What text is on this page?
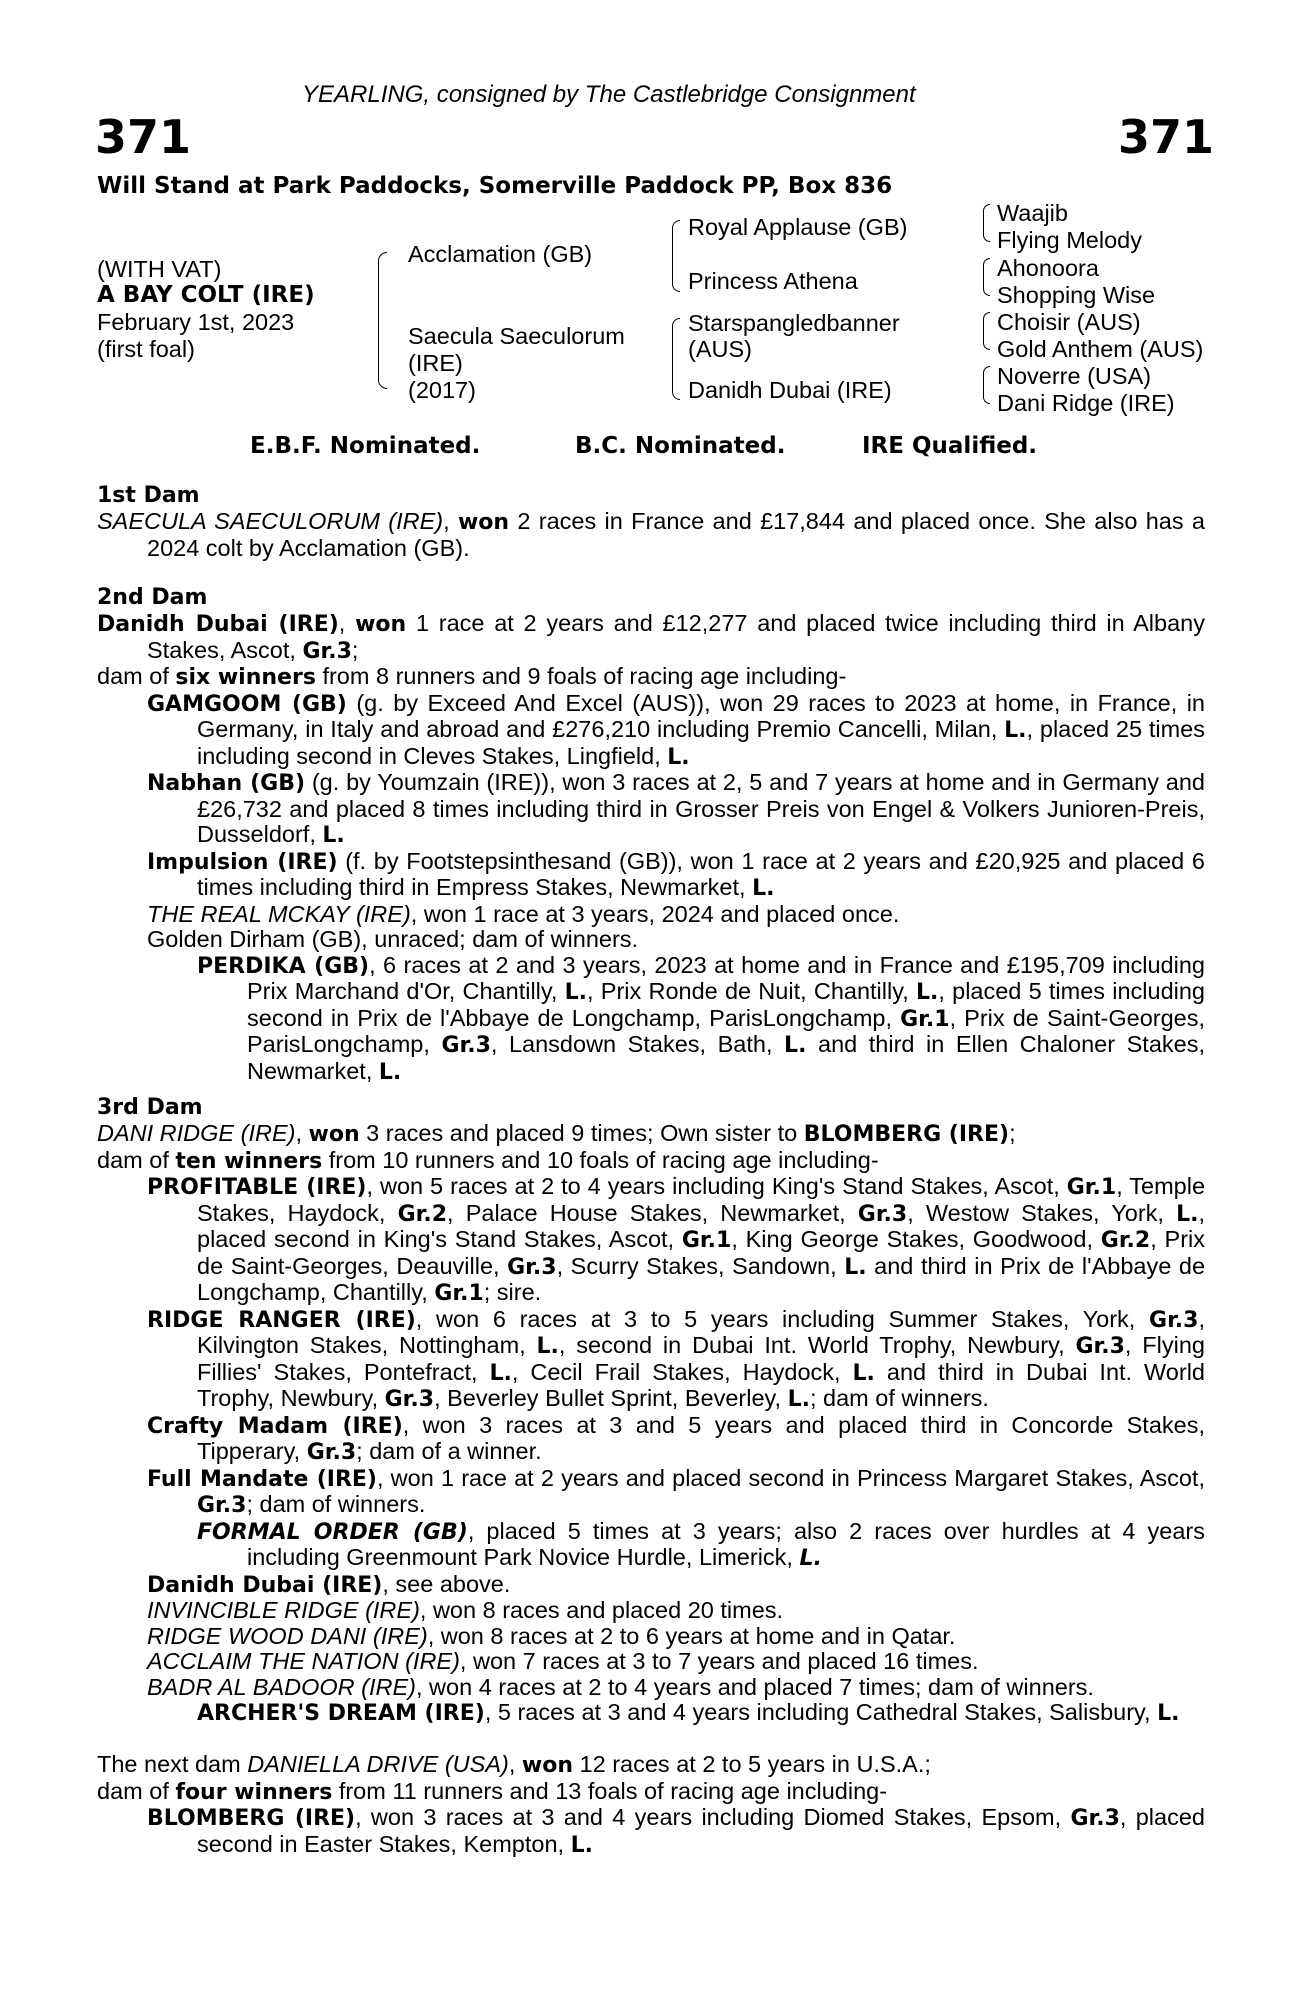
YEARLING, consigned by The Castlebridge Consignment
371	371
Will Stand at Park Paddocks, Somerville Paddock PP, Box 836
(WITH VAT)
A BAY COLT (IRE)
February 1st, 2023
(first foal)
Acclamation (GB)
Saecula Saeculorum
(IRE)
(2017)
Royal Applause (GB)
Princess Athena
Starspangledbanner
(AUS)
Danidh Dubai (IRE)
Waajib
Flying Melody
Ahonoora
Shopping Wise
Choisir (AUS)
Gold Anthem (AUS)
Noverre (USA)
Dani Ridge (IRE)
E.B.F. Nominated.	B.C. Nominated.	IRE Qualified.
1st Dam
SAECULA SAECULORUM (IRE), won 2 races in France and £17,844 and placed once. She also has a 2024 colt by Acclamation (GB).
2nd Dam
Danidh Dubai (IRE), won 1 race at 2 years and £12,277 and placed twice including third in Albany Stakes, Ascot, Gr.3;
dam of six winners from 8 runners and 9 foals of racing age including-
GAMGOOM (GB) (g. by Exceed And Excel (AUS)), won 29 races to 2023 at home, in France, in Germany, in Italy and abroad and £276,210 including Premio Cancelli, Milan, L., placed 25 times including second in Cleves Stakes, Lingfield, L.
Nabhan (GB) (g. by Youmzain (IRE)), won 3 races at 2, 5 and 7 years at home and in Germany and £26,732 and placed 8 times including third in Grosser Preis von Engel & Volkers Junioren-Preis, Dusseldorf, L.
Impulsion (IRE) (f. by Footstepsinthesand (GB)), won 1 race at 2 years and £20,925 and placed 6 times including third in Empress Stakes, Newmarket, L.
THE REAL MCKAY (IRE), won 1 race at 3 years, 2024 and placed once.
Golden Dirham (GB), unraced; dam of winners.
PERDIKA (GB), 6 races at 2 and 3 years, 2023 at home and in France and £195,709 including Prix Marchand d'Or, Chantilly, L., Prix Ronde de Nuit, Chantilly, L., placed 5 times including second in Prix de l'Abbaye de Longchamp, ParisLongchamp, Gr.1, Prix de Saint-Georges, ParisLongchamp, Gr.3, Lansdown Stakes, Bath, L. and third in Ellen Chaloner Stakes, Newmarket, L.
3rd Dam
DANI RIDGE (IRE), won 3 races and placed 9 times; Own sister to BLOMBERG (IRE);
dam of ten winners from 10 runners and 10 foals of racing age including-
PROFITABLE (IRE), won 5 races at 2 to 4 years including King's Stand Stakes, Ascot, Gr.1, Temple Stakes, Haydock, Gr.2, Palace House Stakes, Newmarket, Gr.3, Westow Stakes, York, L., placed second in King's Stand Stakes, Ascot, Gr.1, King George Stakes, Goodwood, Gr.2, Prix de Saint-Georges, Deauville, Gr.3, Scurry Stakes, Sandown, L. and third in Prix de l'Abbaye de Longchamp, Chantilly, Gr.1; sire.
RIDGE RANGER (IRE), won 6 races at 3 to 5 years including Summer Stakes, York, Gr.3, Kilvington Stakes, Nottingham, L., second in Dubai Int. World Trophy, Newbury, Gr.3, Flying Fillies' Stakes, Pontefract, L., Cecil Frail Stakes, Haydock, L. and third in Dubai Int. World Trophy, Newbury, Gr.3, Beverley Bullet Sprint, Beverley, L.; dam of winners.
Crafty Madam (IRE), won 3 races at 3 and 5 years and placed third in Concorde Stakes, Tipperary, Gr.3; dam of a winner.
Full Mandate (IRE), won 1 race at 2 years and placed second in Princess Margaret Stakes, Ascot, Gr.3; dam of winners.
FORMAL ORDER (GB), placed 5 times at 3 years; also 2 races over hurdles at 4 years including Greenmount Park Novice Hurdle, Limerick, L.
Danidh Dubai (IRE), see above.
INVINCIBLE RIDGE (IRE), won 8 races and placed 20 times.
RIDGE WOOD DANI (IRE), won 8 races at 2 to 6 years at home and in Qatar.
ACCLAIM THE NATION (IRE), won 7 races at 3 to 7 years and placed 16 times.
BADR AL BADOOR (IRE), won 4 races at 2 to 4 years and placed 7 times; dam of winners.
ARCHER'S DREAM (IRE), 5 races at 3 and 4 years including Cathedral Stakes, Salisbury, L.
The next dam DANIELLA DRIVE (USA), won 12 races at 2 to 5 years in U.S.A.;
dam of four winners from 11 runners and 13 foals of racing age including-
BLOMBERG (IRE), won 3 races at 3 and 4 years including Diomed Stakes, Epsom, Gr.3, placed second in Easter Stakes, Kempton, L.
